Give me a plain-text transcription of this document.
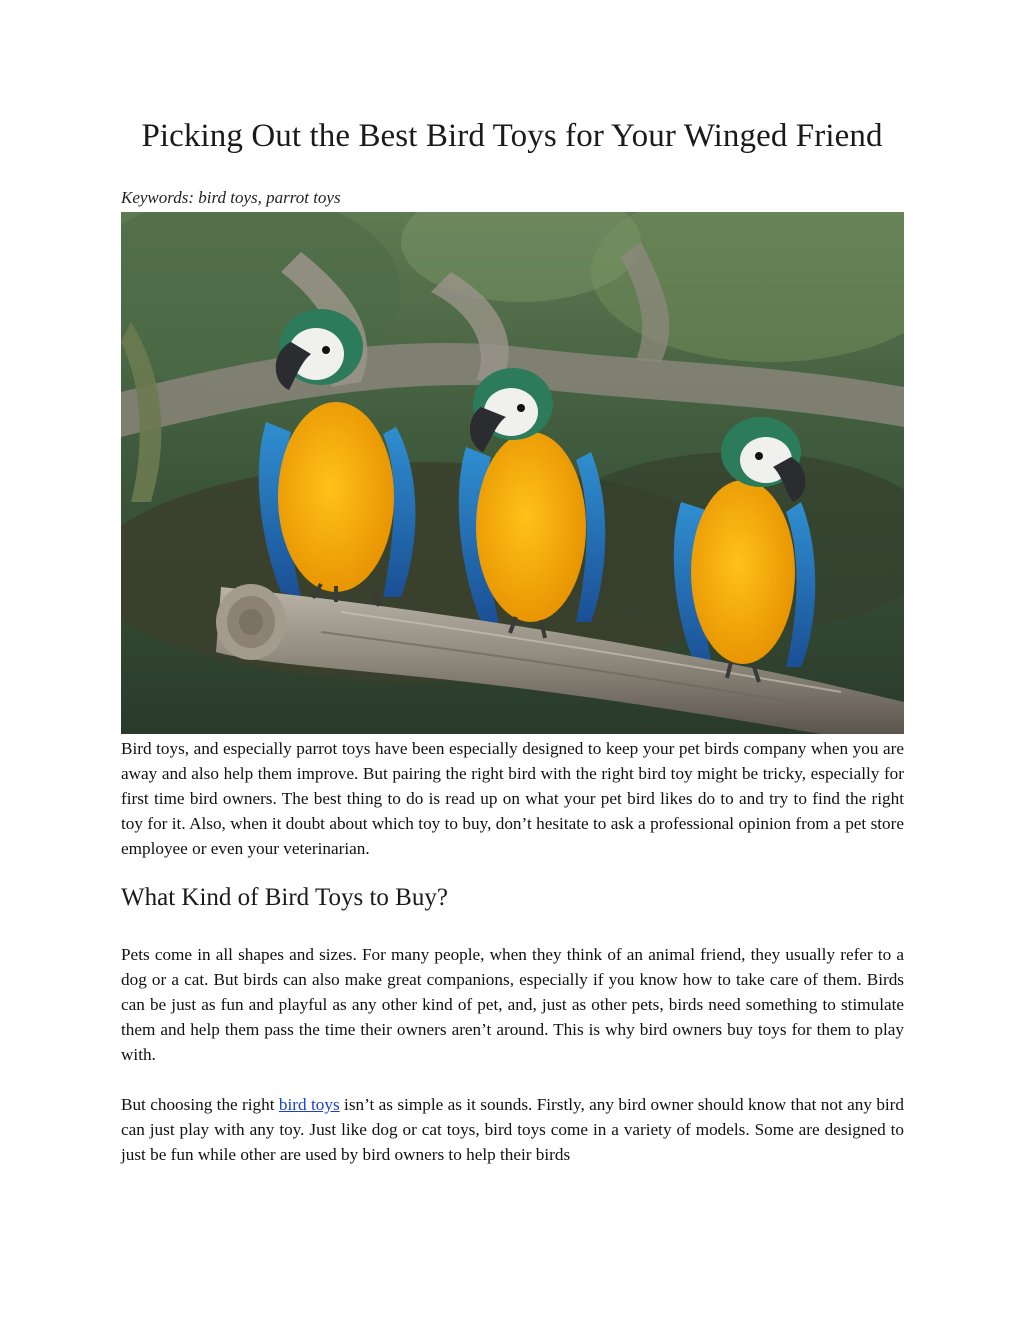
Picking Out the Best Bird Toys for Your Winged Friend
Keywords: bird toys, parrot toys

Bird toys, and especially parrot toys have been especially designed to keep your pet birds company when you are away and also help them improve. But pairing the right bird with the right bird toy might be tricky, especially for first time bird owners. The best thing to do is read up on what your pet bird likes do to and try to find the right toy for it. Also, when it doubt about which toy to buy, don’t hesitate to ask a professional opinion from a pet store employee or even your veterinarian.

What Kind of Bird Toys to Buy?

Pets come in all shapes and sizes. For many people, when they think of an animal friend, they usually refer to a dog or a cat. But birds can also make great companions, especially if you know how to take care of them. Birds can be just as fun and playful as any other kind of pet, and, just as other pets, birds need something to stimulate them and help them pass the time their owners aren’t around. This is why bird owners buy toys for them to play with.

But choosing the right bird toys isn’t as simple as it sounds. Firstly, any bird owner should know that not any bird can just play with any toy. Just like dog or cat toys, bird toys come in a variety of models. Some are designed to just be fun while other are used by bird owners to help their birds
